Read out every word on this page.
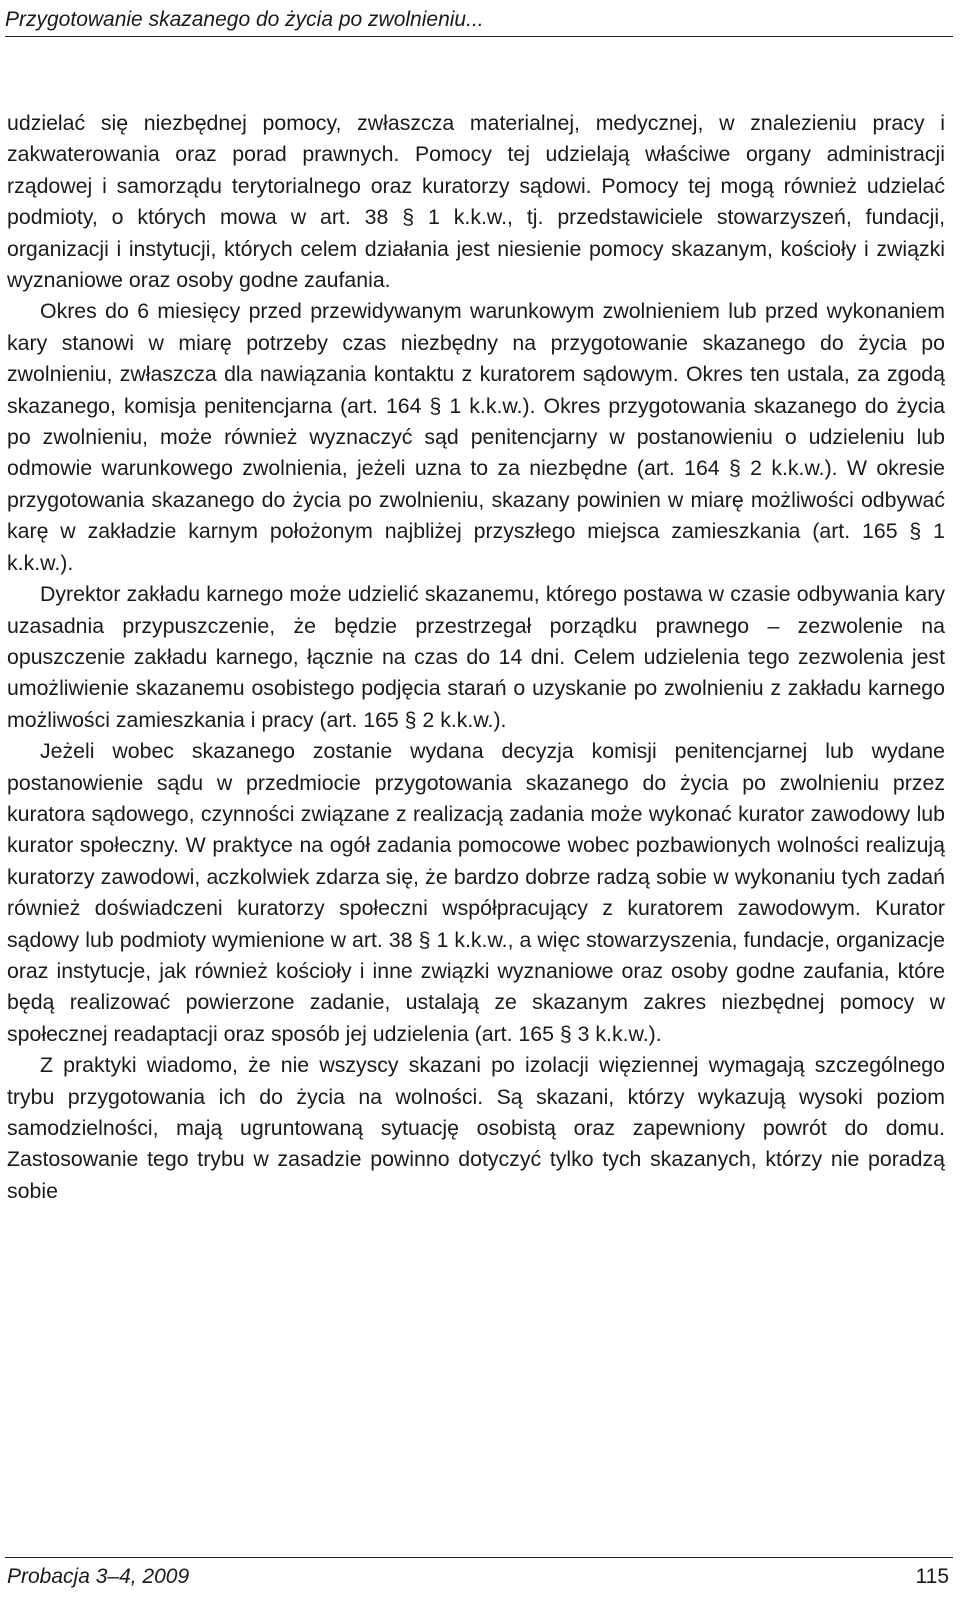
Przygotowanie skazanego do życia po zwolnieniu...

udzielać się niezbędnej pomocy, zwłaszcza materialnej, medycznej, w znalezieniu pracy i zakwaterowania oraz porad prawnych. Pomocy tej udzielają właściwe organy administracji rządowej i samorządu terytorialnego oraz kuratorzy sądowi. Pomocy tej mogą również udzielać podmioty, o których mowa w art. 38 § 1 k.k.w., tj. przedstawiciele stowarzyszeń, fundacji, organizacji i instytucji, których celem działania jest niesienie pomocy skazanym, kościoły i związki wyznaniowe oraz osoby godne zaufania.

Okres do 6 miesięcy przed przewidywanym warunkowym zwolnieniem lub przed wykonaniem kary stanowi w miarę potrzeby czas niezbędny na przygotowanie skazanego do życia po zwolnieniu, zwłaszcza dla nawiązania kontaktu z kuratorem sądowym. Okres ten ustala, za zgodą skazanego, komisja penitencjarna (art. 164 § 1 k.k.w.). Okres przygotowania skazanego do życia po zwolnieniu, może również wyznaczyć sąd penitencjarny w postanowieniu o udzieleniu lub odmowie warunkowego zwolnienia, jeżeli uzna to za niezbędne (art. 164 § 2 k.k.w.). W okresie przygotowania skazanego do życia po zwolnieniu, skazany powinien w miarę możliwości odbywać karę w zakładzie karnym położonym najbliżej przyszłego miejsca zamieszkania (art. 165 § 1 k.k.w.).

Dyrektor zakładu karnego może udzielić skazanemu, którego postawa w czasie odbywania kary uzasadnia przypuszczenie, że będzie przestrzegał porządku prawnego – zezwolenie na opuszczenie zakładu karnego, łącznie na czas do 14 dni. Celem udzielenia tego zezwolenia jest umożliwienie skazanemu osobistego podjęcia starań o uzyskanie po zwolnieniu z zakładu karnego możliwości zamieszkania i pracy (art. 165 § 2 k.k.w.).

Jeżeli wobec skazanego zostanie wydana decyzja komisji penitencjarnej lub wydane postanowienie sądu w przedmiocie przygotowania skazanego do życia po zwolnieniu przez kuratora sądowego, czynności związane z realizacją zadania może wykonać kurator zawodowy lub kurator społeczny. W praktyce na ogół zadania pomocowe wobec pozbawionych wolności realizują kuratorzy zawodowi, aczkolwiek zdarza się, że bardzo dobrze radzą sobie w wykonaniu tych zadań również doświadczeni kuratorzy społeczni współpracujący z kuratorem zawodowym. Kurator sądowy lub podmioty wymienione w art. 38 § 1 k.k.w., a więc stowarzyszenia, fundacje, organizacje oraz instytucje, jak również kościoły i inne związki wyznaniowe oraz osoby godne zaufania, które będą realizować powierzone zadanie, ustalają ze skazanym zakres niezbędnej pomocy w społecznej readaptacji oraz sposób jej udzielenia (art. 165 § 3 k.k.w.).

Z praktyki wiadomo, że nie wszyscy skazani po izolacji więziennej wymagają szczególnego trybu przygotowania ich do życia na wolności. Są skazani, którzy wykazują wysoki poziom samodzielności, mają ugruntowaną sytuację osobistą oraz zapewniony powrót do domu. Zastosowanie tego trybu w zasadzie powinno dotyczyć tylko tych skazanych, którzy nie poradzą sobie

Probacja 3–4, 2009	115
